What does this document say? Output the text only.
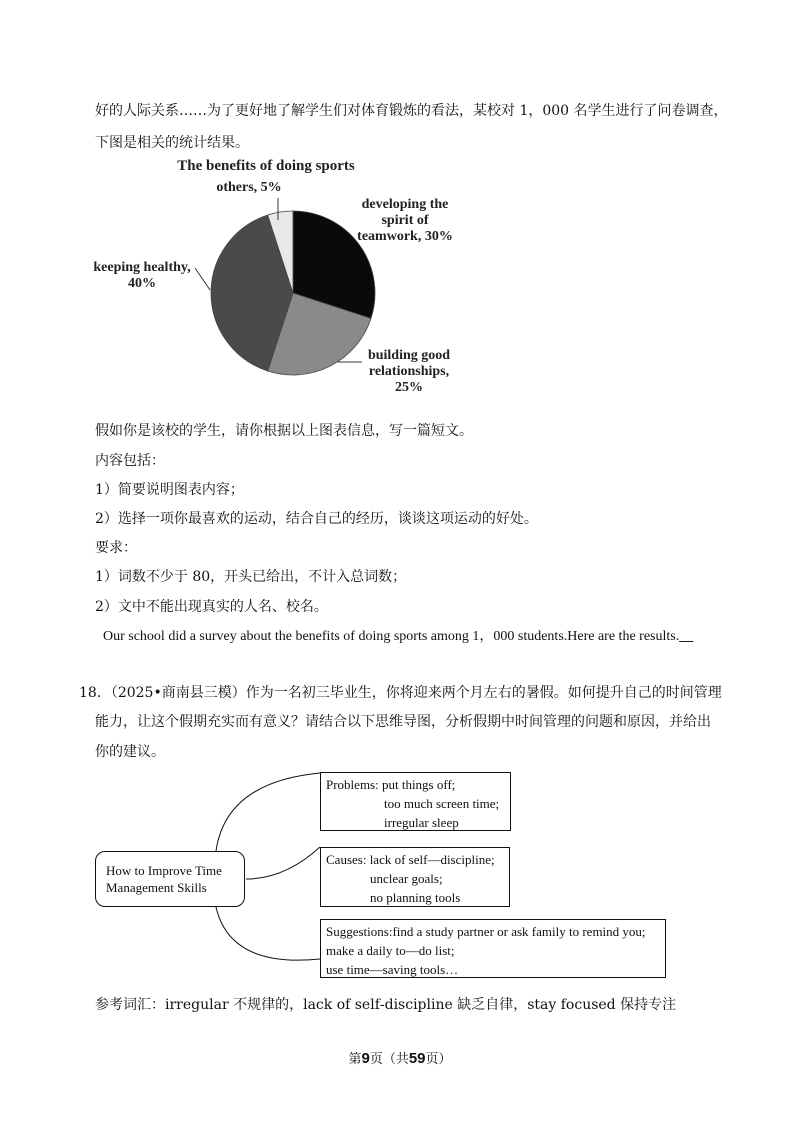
好的人际关系……为了更好地了解学生们对体育锻炼的看法，某校对 1，000 名学生进行了问卷调查，
下图是相关的统计结果。
The benefits of doing sports
developing the spirit of teamwork, 30%
building good relationships, 25%
keeping healthy, 40%
others, 5%
假如你是该校的学生，请你根据以上图表信息，写一篇短文。
内容包括：
1）简要说明图表内容；
2）选择一项你最喜欢的运动，结合自己的经历，谈谈这项运动的好处。
要求：
1）词数不少于 80，开头已给出，不计入总词数；
2）文中不能出现真实的人名、校名。
Our school did a survey about the benefits of doing sports among 1，000 students.Here are the results.__
18．（2025•商南县三模）作为一名初三毕业生，你将迎来两个月左右的暑假。如何提升自己的时间管理
能力，让这个假期充实而有意义？请结合以下思维导图，分析假期中时间管理的问题和原因，并给出
你的建议。
How to Improve Time Management Skills
Problems: put things off;
too much screen time;
irregular sleep
Causes: lack of self—discipline;
unclear goals;
no planning tools
Suggestions:find a study partner or ask family to remind you;
make a daily to—do list;
use time—saving tools…
参考词汇：irregular 不规律的，lack of self‐discipline 缺乏自律，stay focused 保持专注
第9页（共59页）
